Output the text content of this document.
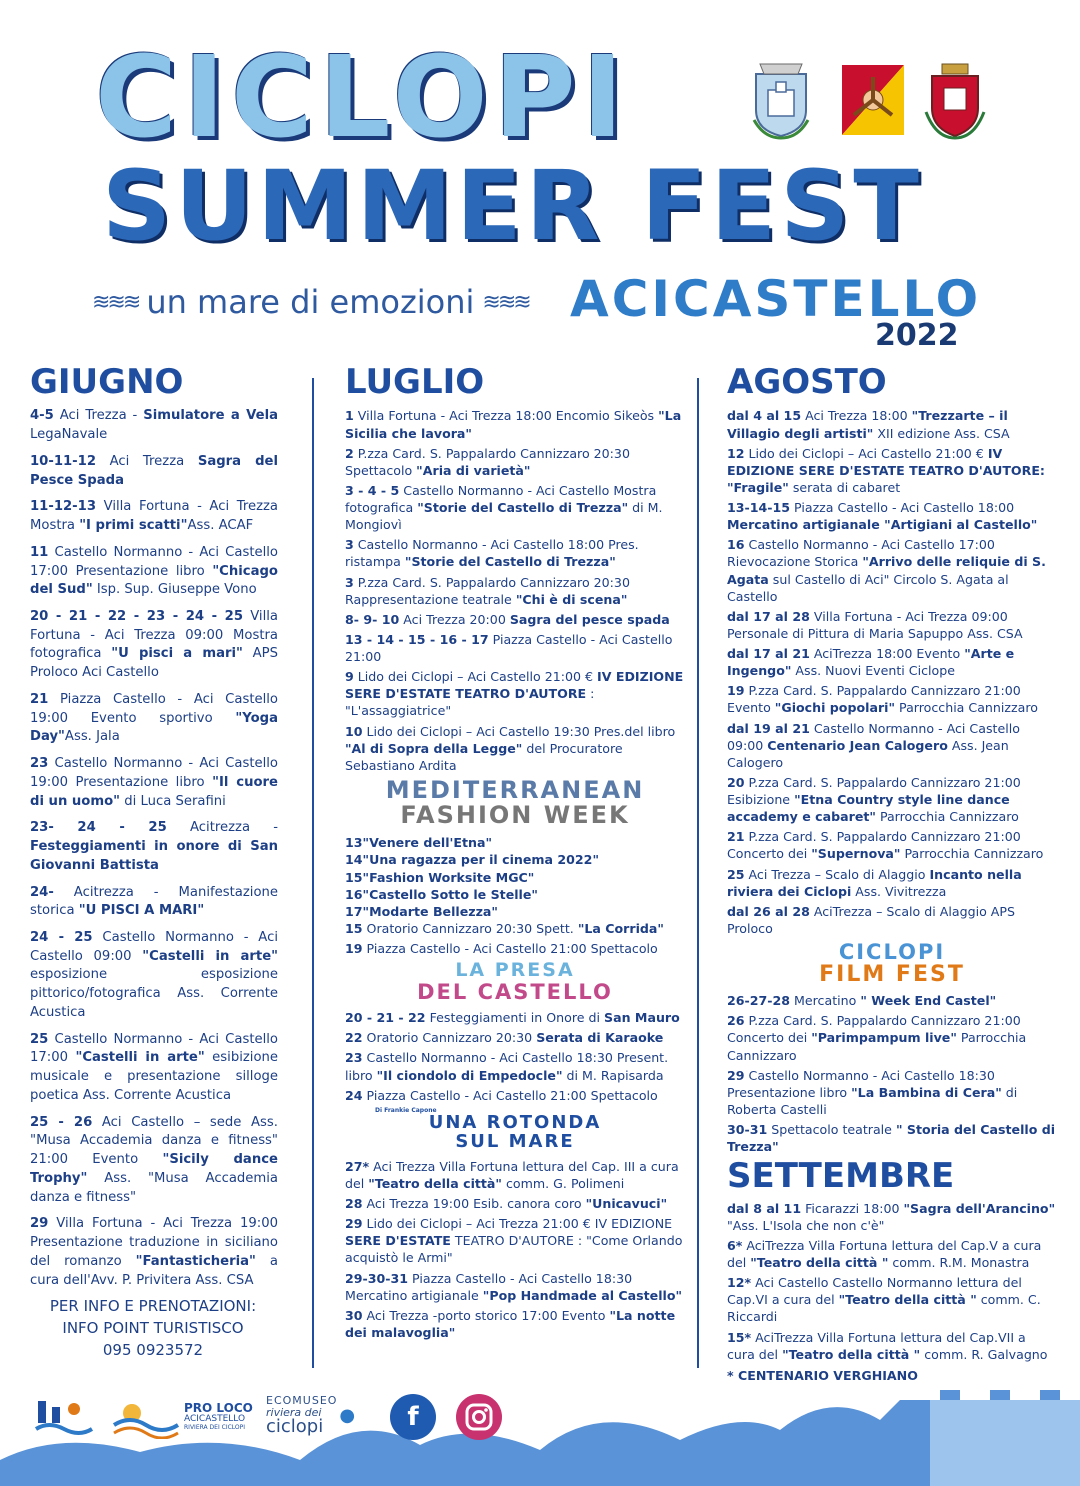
CICLOPI
SUMMER FEST
≋≋≋ un mare di emozioni ≋≋≋ ACICASTELLO
2022
GIUGNO
4-5 Aci Trezza - Simulatore a Vela LegaNavale
10-11-12 Aci Trezza Sagra del Pesce Spada
11-12-13 Villa Fortuna - Aci Trezza Mostra "I primi scatti"Ass. ACAF
11 Castello Normanno - Aci Castello 17:00 Presentazione libro "Chicago del Sud" Isp. Sup. Giuseppe Vono
20 - 21 - 22 - 23 - 24 - 25 Villa Fortuna - Aci Trezza 09:00 Mostra fotografica "U pisci a mari" APS Proloco Aci Castello
21 Piazza Castello - Aci Castello 19:00 Evento sportivo "Yoga Day"Ass. Jala
23 Castello Normanno - Aci Castello 19:00 Presentazione libro "Il cuore di un uomo" di Luca Serafini
23- 24 - 25 Acitrezza - Festeggiamenti in onore di San Giovanni Battista
24- Acitrezza - Manifestazione storica "U PISCI A MARI"
24 - 25 Castello Normanno - Aci Castello 09:00 "Castelli in arte" esposizione esposizione pittorico/fotografica Ass. Corrente Acustica
25 Castello Normanno - Aci Castello 17:00 "Castelli in arte" esibizione musicale e presentazione silloge poetica Ass. Corrente Acustica
25 - 26 Aci Castello – sede Ass. "Musa Accademia danza e fitness" 21:00 Evento "Sicily dance Trophy" Ass. "Musa Accademia danza e fitness"
29 Villa Fortuna - Aci Trezza 19:00 Presentazione traduzione in siciliano del romanzo "Fantasticheria" a cura dell'Avv. P. Privitera Ass. CSA
LUGLIO
1 Villa Fortuna - Aci Trezza 18:00 Encomio Sikeòs "La Sicilia che lavora"
2 P.zza Card. S. Pappalardo Cannizzaro 20:30 Spettacolo "Aria di varietà"
3 - 4 - 5 Castello Normanno - Aci Castello Mostra fotografica "Storie del Castello di Trezza" di M. Mongiovì
3 Castello Normanno - Aci Castello 18:00 Pres. ristampa "Storie del Castello di Trezza"
3 P.zza Card. S. Pappalardo Cannizzaro 20:30 Rappresentazione teatrale "Chi è di scena"
8- 9- 10 Aci Trezza 20:00 Sagra del pesce spada
13 - 14 - 15 - 16 - 17 Piazza Castello - Aci Castello 21:00
9 Lido dei Ciclopi – Aci Castello 21:00 € IV EDIZIONE SERE D'ESTATE TEATRO D'AUTORE : "L'assaggiatrice"
10 Lido dei Ciclopi – Aci Castello 19:30 Pres.del libro "Al di Sopra della Legge" del Procuratore Sebastiano Ardita
MEDITERRANEAN
FASHION WEEK
13"Venere dell'Etna"
14"Una ragazza per il cinema 2022"
15"Fashion Worksite MGC"
16"Castello Sotto le Stelle"
17"Modarte Bellezza"
15 Oratorio Cannizzaro 20:30 Spett. "La Corrida"
19 Piazza Castello - Aci Castello 21:00 Spettacolo
LA PRESA
DEL CASTELLO
20 - 21 - 22 Festeggiamenti in Onore di San Mauro
22 Oratorio Cannizzaro 20:30 Serata di Karaoke
23 Castello Normanno - Aci Castello 18:30 Present. libro "Il ciondolo di Empedocle" di M. Rapisarda
24 Piazza Castello - Aci Castello 21:00 Spettacolo
Di Frankie Capone
UNA ROTONDA
SUL MARE
27* Aci Trezza Villa Fortuna lettura del Cap. III a cura del "Teatro della città" comm. G. Polimeni
28 Aci Trezza 19:00 Esib. canora coro "Unicavuci"
29 Lido dei Ciclopi – Aci Trezza 21:00 € IV EDIZIONE SERE D'ESTATE TEATRO D'AUTORE : "Come Orlando acquistò le Armi"
29-30-31 Piazza Castello - Aci Castello 18:30 Mercatino artigianale "Pop Handmade al Castello"
30 Aci Trezza -porto storico 17:00 Evento "La notte dei malavoglia"
AGOSTO
dal 4 al 15 Aci Trezza 18:00 "Trezzarte – il Villagio degli artisti" XII edizione Ass. CSA
12 Lido dei Ciclopi – Aci Castello 21:00 € IV EDIZIONE SERE D'ESTATE TEATRO D'AUTORE: "Fragile" serata di cabaret
13-14-15 Piazza Castello - Aci Castello 18:00 Mercatino artigianale "Artigiani al Castello"
16 Castello Normanno - Aci Castello 17:00 Rievocazione Storica "Arrivo delle reliquie di S. Agata sul Castello di Aci" Circolo S. Agata al Castello
dal 17 al 28 Villa Fortuna - Aci Trezza 09:00 Personale di Pittura di Maria Sapuppo Ass. CSA
dal 17 al 21 AciTrezza 18:00 Evento "Arte e Ingengo" Ass. Nuovi Eventi Ciclope
19 P.zza Card. S. Pappalardo Cannizzaro 21:00 Evento "Giochi popolari" Parrocchia Cannizzaro
dal 19 al 21 Castello Normanno - Aci Castello 09:00 Centenario Jean Calogero Ass. Jean Calogero
20 P.zza Card. S. Pappalardo Cannizzaro 21:00 Esibizione "Etna Country style line dance accademy e cabaret" Parrocchia Cannizzaro
21 P.zza Card. S. Pappalardo Cannizzaro 21:00 Concerto dei "Supernova" Parrocchia Cannizzaro
25 Aci Trezza – Scalo di Alaggio Incanto nella riviera dei Ciclopi Ass. Vivitrezza
dal 26 al 28 AciTrezza – Scalo di Alaggio APS Proloco
CICLOPI
FILM FEST
26-27-28 Mercatino " Week End Castel"
26 P.zza Card. S. Pappalardo Cannizzaro 21:00 Concerto dei "Parimpampum live" Parrocchia Cannizzaro
29 Castello Normanno - Aci Castello 18:30 Presentazione libro "La Bambina di Cera" di Roberta Castelli
30-31 Spettacolo teatrale " Storia del Castello di Trezza"
SETTEMBRE
dal 8 al 11 Ficarazzi 18:00 "Sagra dell'Arancino" "Ass. L'Isola che non c'è"
6* AciTrezza Villa Fortuna lettura del Cap.V a cura del "Teatro della città " comm. R.M. Monastra
12* Aci Castello Castello Normanno lettura del Cap.VI a cura del "Teatro della città " comm. C. Riccardi
15* AciTrezza Villa Fortuna lettura del Cap.VII a cura del "Teatro della città " comm. R. Galvagno
* CENTENARIO VERGHIANO
PER INFO E PRENOTAZIONI:
INFO POINT TURISTISCO
095 0923572
PRO LOCO
ACICASTELLO
RIVIERA DEI CICLOPI
ECOMUSEO
riviera dei
ciclopi
●	f
